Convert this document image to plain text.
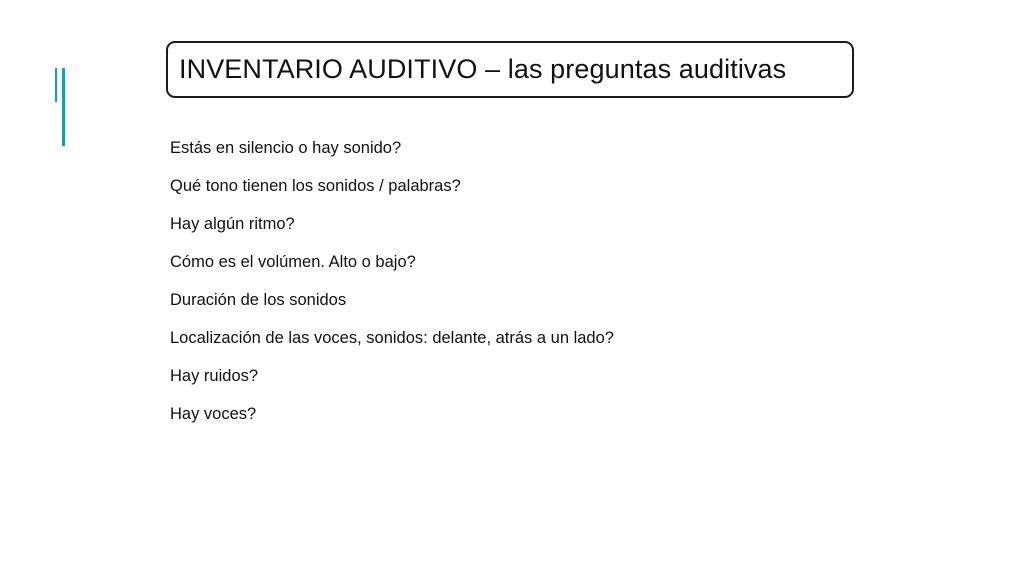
INVENTARIO AUDITIVO – las preguntas auditivas
Estás en silencio o hay sonido?
Qué tono tienen los sonidos / palabras?
Hay algún ritmo?
Cómo es el volúmen. Alto o bajo?
Duración de los sonidos
Localización de las voces, sonidos: delante, atrás a un lado?
Hay ruidos?
Hay voces?
